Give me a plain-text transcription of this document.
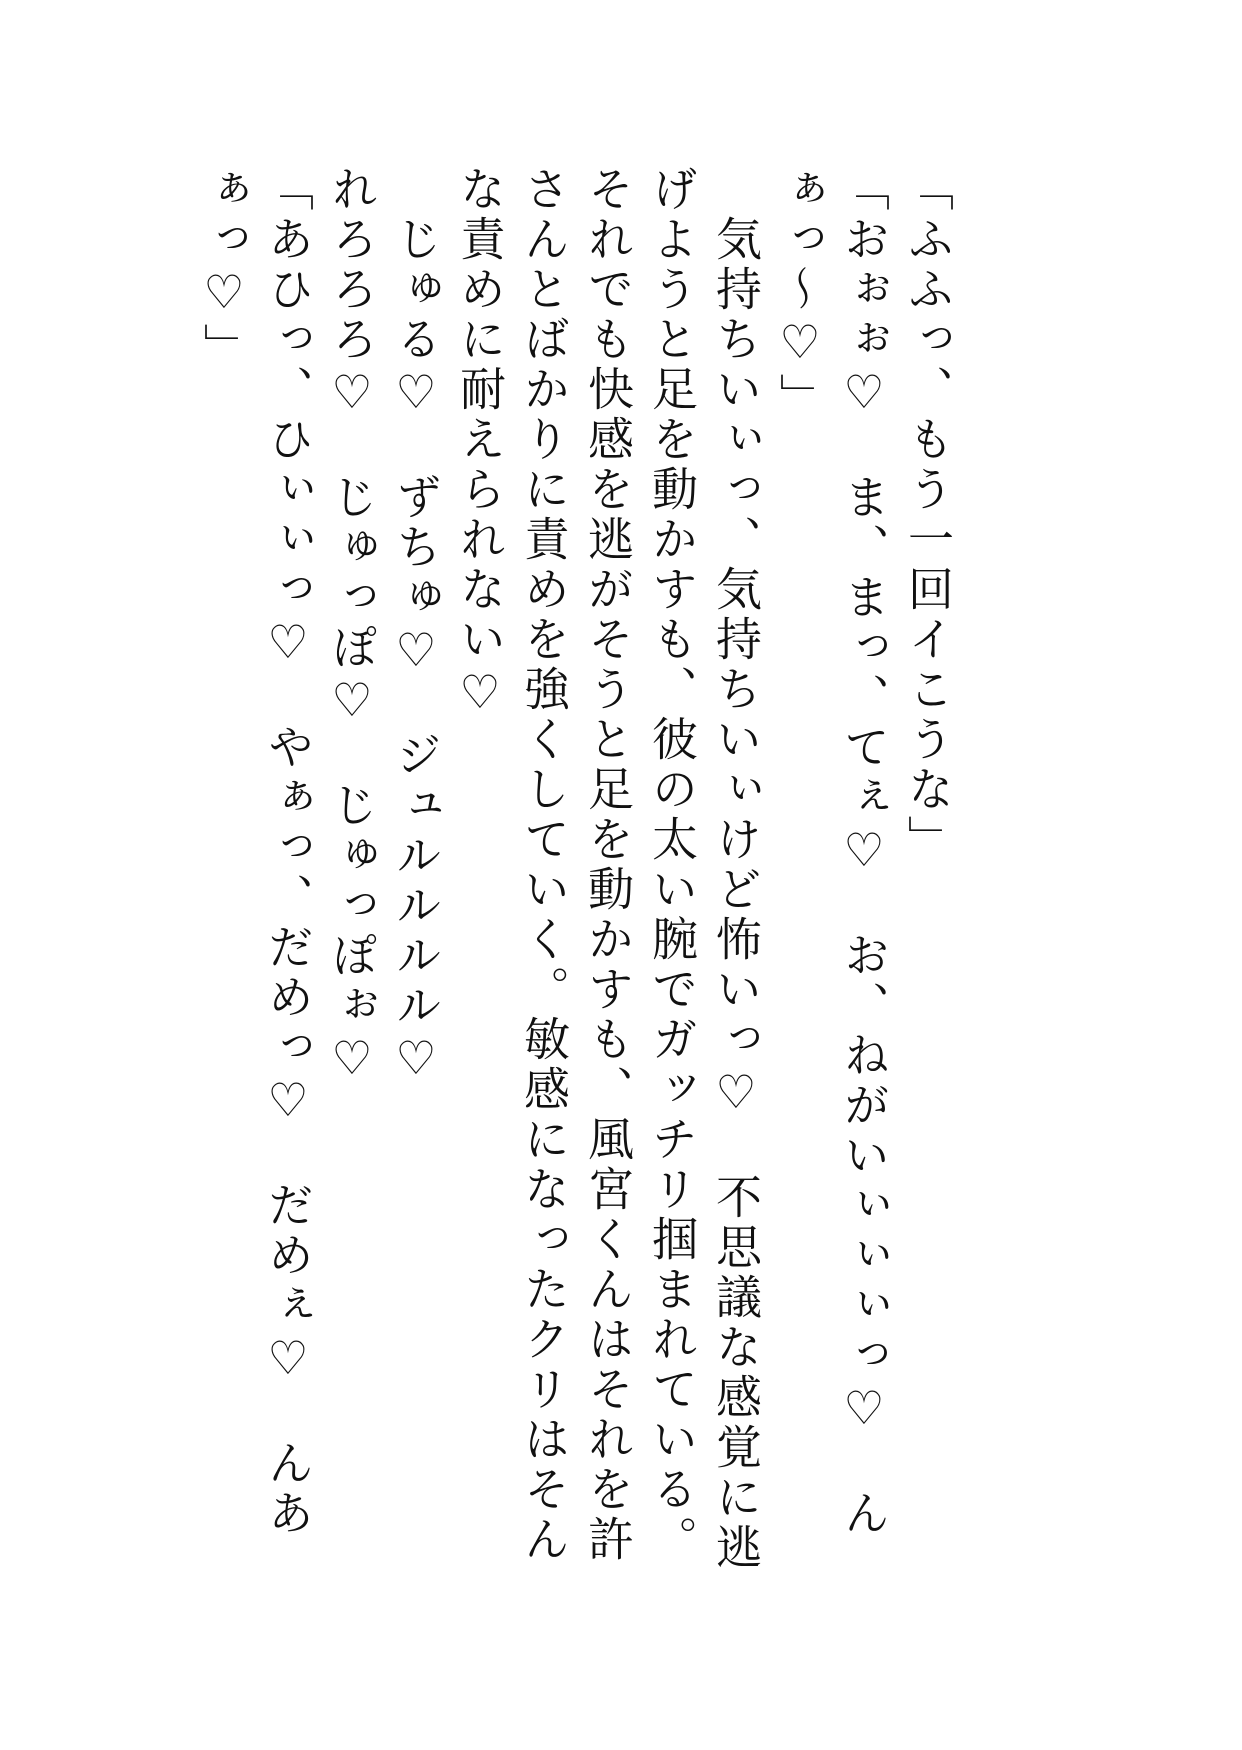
「ふふっ、もう一回イこうな」

「おぉぉ♡　ま、まっ、てぇ♡　お、ねがいぃぃぃっ♡　んぁっ〜♡」

　気持ちいぃっ、気持ちいぃけど怖いっ♡　不思議な感覚に逃げようと足を動かすも、彼の太い腕でガッチリ掴まれている。それでも快感を逃がそうと足を動かすも、風宮くんはそれを許さんとばかりに責めを強くしていく。敏感になったクリはそんな責めに耐えられない♡

　じゅる♡　ずちゅ♡　ジュルルルル♡

れろろろ♡　じゅっぽ♡　じゅっぽぉ♡

「あひっ、ひぃぃっ♡　やぁっ、だめっ♡　だめぇ♡　んあぁっ♡」
